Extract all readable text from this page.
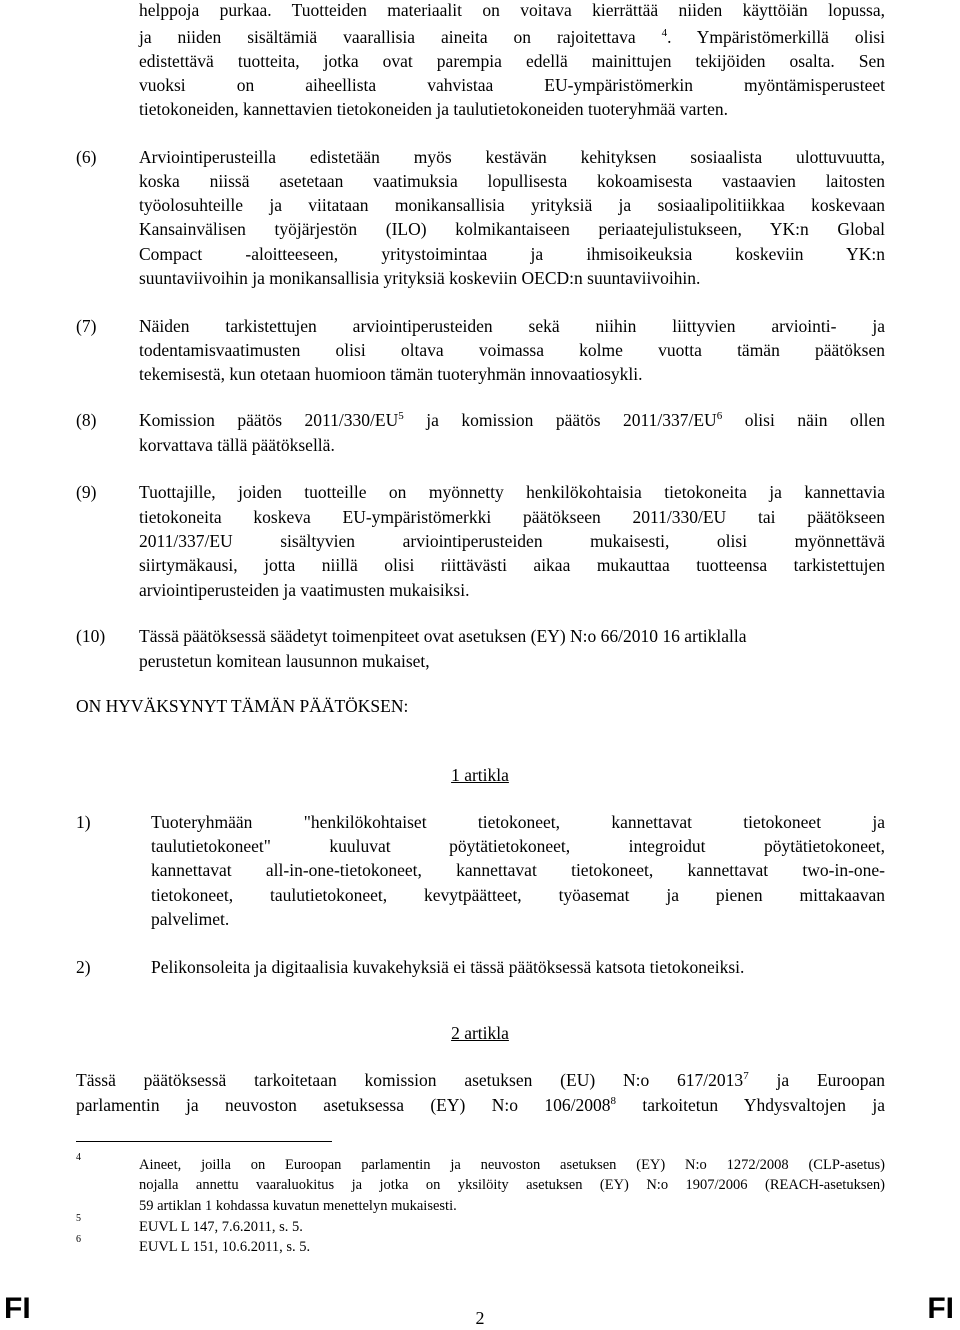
helppoja purkaa. Tuotteiden materiaalit on voitava kierrättää niiden käyttöiän lopussa,
ja niiden sisältämiä vaarallisia aineita on rajoitettava $^4$. Ympäristömerkillä olisi
edistettävä tuotteita, jotka ovat parempia edellä mainittujen tekijöiden osalta. Sen
vuoksi on aiheellista vahvistaa EU-ympäristömerkin myöntämisperusteet
tietokoneiden, kannettavien tietokoneiden ja taulutietokoneiden tuoteryhmää varten.
(6) Arviointiperusteilla edistetään myös kestävän kehityksen sosiaalista ulottuvuutta,
koska niissä asetetaan vaatimuksia lopullisesta kokoamisesta vastaavien laitosten
työolosuhteille ja viitataan monikansallisia yrityksiä ja sosiaalipolitiikkaa koskevaan
Kansainvälisen työjärjestön (ILO) kolmikantaiseen periaatejulistukseen, YK:n Global
Compact -aloitteeseen, yritystoimintaa ja ihmisoikeuksia koskeviin YK:n
suuntaviivoihin ja monikansallisia yrityksiä koskeviin OECD:n suuntaviivoihin.
(7) Näiden tarkistettujen arviointiperusteiden sekä niihin liittyvien arviointi- ja
todentamisvaatimusten olisi oltava voimassa kolme vuotta tämän päätöksen
tekemisestä, kun otetaan huomioon tämän tuoteryhmän innovaatiosykli.
(8) Komission päätös $2011/330/EU^5$ ja komission päätös $2011/337/EU^6$ olisi näin ollen
korvattava tällä päätöksellä.
(9) Tuottajille, joiden tuotteille on myönnetty henkilökohtaisia tietokoneita ja kannettavia
tietokoneita koskeva EU-ympäristömerkki päätökseen 2011/330/EU tai päätökseen
2011/337/EU sisältyvien arviointiperusteiden mukaisesti, olisi myönnettävä
siirtymäkausi, jotta niillä olisi riittävästi aikaa mukauttaa tuotteensa tarkistettujen
arviointiperusteiden ja vaatimusten mukaisiksi.
(10) Tässä päätöksessä säädetyt toimenpiteet ovat asetuksen (EY) N:o 66/2010 16 artiklalla
perustetun komitean lausunnon mukaiset,
ON HYVÄKSYNYT TÄMÄN PÄÄTÖKSEN:
1 artikla
1)	Tuoteryhmään "henkilökohtaiset tietokoneet, kannettavat tietokoneet ja
taulutietokoneet" kuuluvat pöytätietokoneet, integroidut pöytätietokoneet,
kannettavat all-in-one-tietokoneet, kannettavat tietokoneet, kannettavat two-in-one-
tietokoneet, taulutietokoneet, kevytpäätteet, työasemat ja pienen mittakaavan
palvelimet.
2)	Pelikonsoleita ja digitaalisia kuvakehyksiä ei tässä päätöksessä katsota tietokoneiksi.
2 artikla
Tässä päätöksessä tarkoitetaan komission asetuksen (EU) N:o 617/2013$^7$ ja Euroopan
parlamentin ja neuvoston asetuksessa (EY) N:o 106/2008$^8$ tarkoitetun Yhdysvaltojen ja
4	Aineet, joilla on Euroopan parlamentin ja neuvoston asetuksen (EY) N:o 1272/2008 (CLP-asetus)
nojalla annettu vaaraluokitus ja jotka on yksilöity asetuksen (EY) N:o 1907/2006 (REACH-asetuksen)
59 artiklan 1 kohdassa kuvatun menettelyn mukaisesti.
5
EUVL L 147, 7.6.2011, s. 5.
6	EUVL L 151, 10.6.2011, s. 5.
FI	2	FI
